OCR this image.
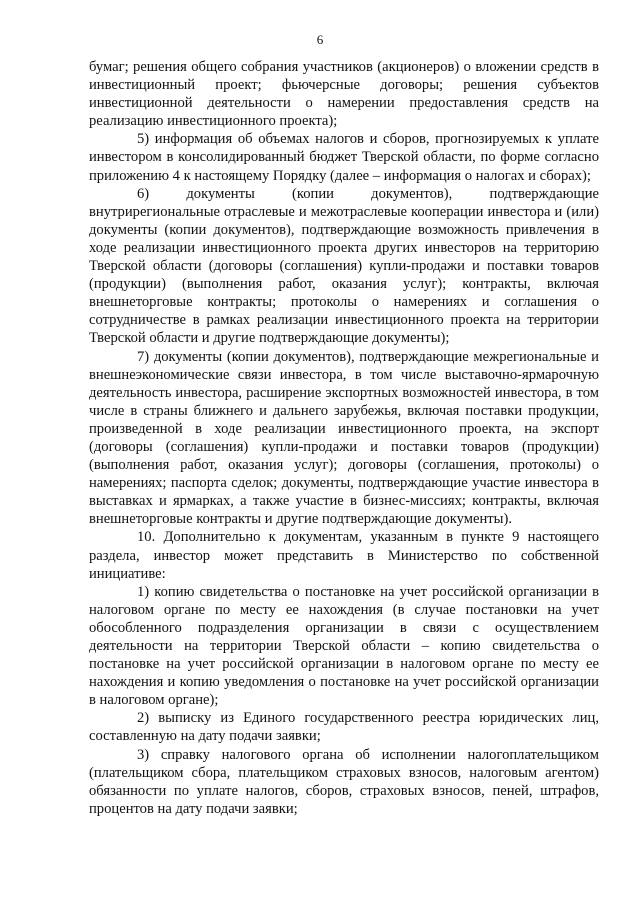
6

бумаг; решения общего собрания участников (акционеров) о вложении средств в инвестиционный проект; фьючерсные договоры; решения субъектов инвестиционной деятельности о намерении предоставления средств на реализацию инвестиционного проекта);

5) информация об объемах налогов и сборов, прогнозируемых к уплате инвестором в консолидированный бюджет Тверской области, по форме согласно приложению 4 к настоящему Порядку (далее – информация о налогах и сборах);

6) документы (копии документов), подтверждающие внутрирегиональные отраслевые и межотраслевые кооперации инвестора и (или) документы (копии документов), подтверждающие возможность привлечения в ходе реализации инвестиционного проекта других инвесторов на территорию Тверской области (договоры (соглашения) купли-продажи и поставки товаров (продукции) (выполнения работ, оказания услуг); контракты, включая внешнеторговые контракты; протоколы о намерениях и соглашения о сотрудничестве в рамках реализации инвестиционного проекта на территории Тверской области и другие подтверждающие документы);

7) документы (копии документов), подтверждающие межрегиональные и внешнеэкономические связи инвестора, в том числе выставочно-ярмарочную деятельность инвестора, расширение экспортных возможностей инвестора, в том числе в страны ближнего и дальнего зарубежья, включая поставки продукции, произведенной в ходе реализации инвестиционного проекта, на экспорт (договоры (соглашения) купли-продажи и поставки товаров (продукции) (выполнения работ, оказания услуг); договоры (соглашения, протоколы) о намерениях; паспорта сделок; документы, подтверждающие участие инвестора в выставках и ярмарках, а также участие в бизнес-миссиях; контракты, включая внешнеторговые контракты и другие подтверждающие документы).

10. Дополнительно к документам, указанным в пункте 9 настоящего раздела, инвестор может представить в Министерство по собственной инициативе:

1) копию свидетельства о постановке на учет российской организации в налоговом органе по месту ее нахождения (в случае постановки на учет обособленного подразделения организации в связи с осуществлением деятельности на территории Тверской области – копию свидетельства о постановке на учет российской организации в налоговом органе по месту ее нахождения и копию уведомления о постановке на учет российской организации в налоговом органе);

2) выписку из Единого государственного реестра юридических лиц, составленную на дату подачи заявки;

3) справку налогового органа об исполнении налогоплательщиком (плательщиком сбора, плательщиком страховых взносов, налоговым агентом) обязанности по уплате налогов, сборов, страховых взносов, пеней, штрафов, процентов на дату подачи заявки;
